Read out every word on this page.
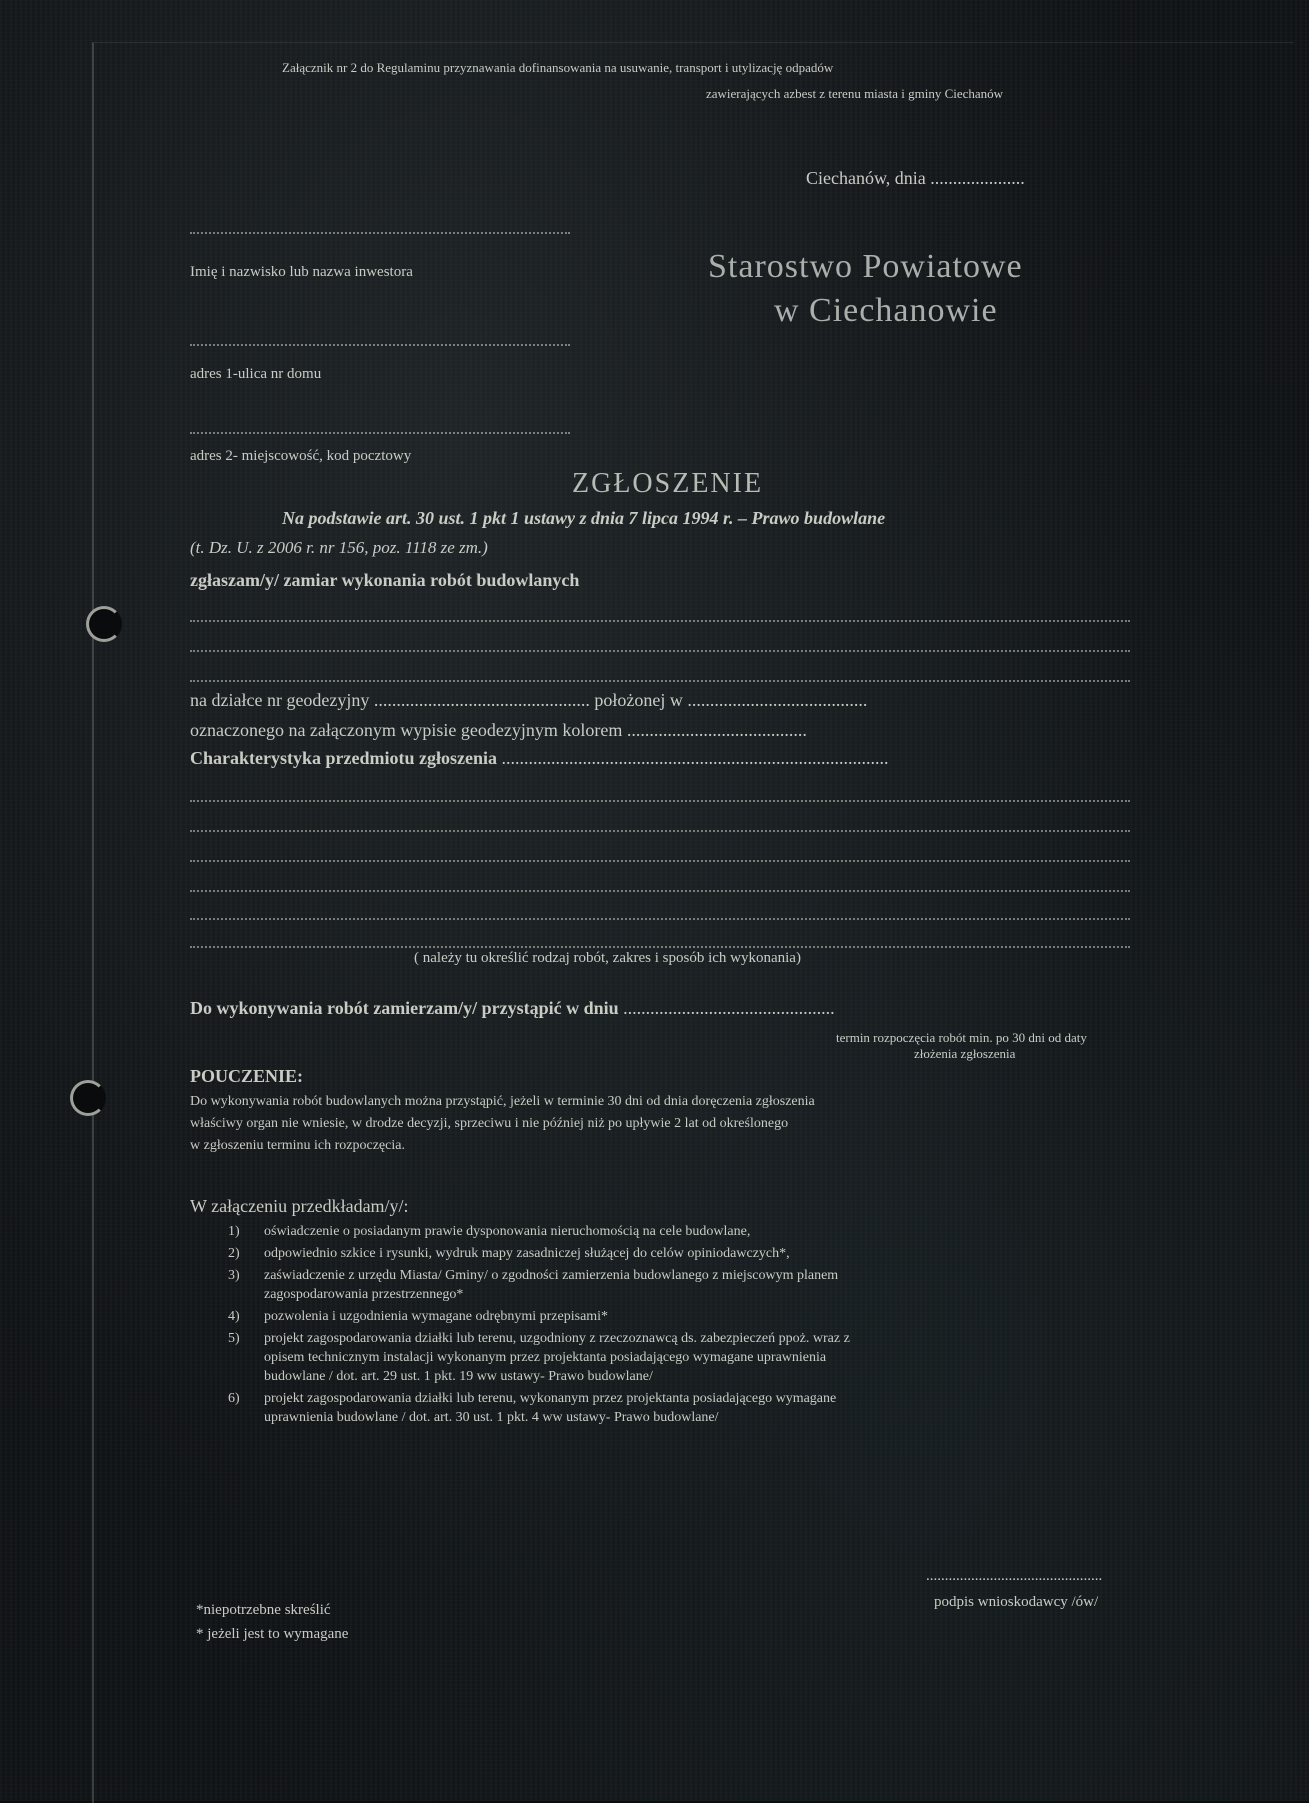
Załącznik nr 2 do Regulaminu przyznawania dofinansowania na usuwanie, transport i utylizację odpadów
zawierających azbest z terenu miasta i gminy Ciechanów
Ciechanów, dnia .....................
Imię i nazwisko lub nazwa inwestora
adres 1-ulica nr domu
adres 2- miejscowość, kod pocztowy
Starostwo Powiatowe
w Ciechanowie
ZGŁOSZENIE
Na podstawie art. 30 ust. 1 pkt 1 ustawy z dnia 7 lipca 1994 r. – Prawo budowlane
(t. Dz. U. z 2006 r. nr 156, poz. 1118 ze zm.)
zgłaszam/y/ zamiar wykonania robót budowlanych
na działce nr geodezyjny ................................................ położonej w ........................................
oznaczonego na załączonym wypisie geodezyjnym kolorem ........................................
Charakterystyka przedmiotu zgłoszenia ......................................................................................
( należy tu określić rodzaj robót, zakres i sposób ich wykonania)
Do wykonywania robót zamierzam/y/ przystąpić w dniu ...............................................
termin rozpoczęcia robót min. po 30 dni od daty
złożenia zgłoszenia
POUCZENIE:
Do wykonywania robót budowlanych można przystąpić, jeżeli w terminie 30 dni od dnia doręczenia zgłoszenia
właściwy organ nie wniesie, w drodze decyzji, sprzeciwu i nie później niż po upływie 2 lat od określonego
w zgłoszeniu terminu ich rozpoczęcia.
W załączeniu przedkładam/y/:
1) oświadczenie o posiadanym prawie dysponowania nieruchomością na cele budowlane,
2) odpowiednio szkice i rysunki, wydruk mapy zasadniczej służącej do celów opiniodawczych*,
3) zaświadczenie z urzędu Miasta/ Gminy/ o zgodności zamierzenia budowlanego z miejscowym planem
zagospodarowania przestrzennego*
4) pozwolenia i uzgodnienia wymagane odrębnymi przepisami*
5) projekt zagospodarowania działki lub terenu, uzgodniony z rzeczoznawcą ds. zabezpieczeń ppoż. wraz z
opisem technicznym instalacji wykonanym przez projektanta posiadającego wymagane uprawnienia
budowlane / dot. art. 29 ust. 1 pkt. 19 ww ustawy- Prawo budowlane/
6) projekt zagospodarowania działki lub terenu, wykonanym przez projektanta posiadającego wymagane
uprawnienia budowlane / dot. art. 30 ust. 1 pkt. 4 ww ustawy- Prawo budowlane/
...............................................
podpis wnioskodawcy /ów/
*niepotrzebne skreślić
* jeżeli jest to wymagane
